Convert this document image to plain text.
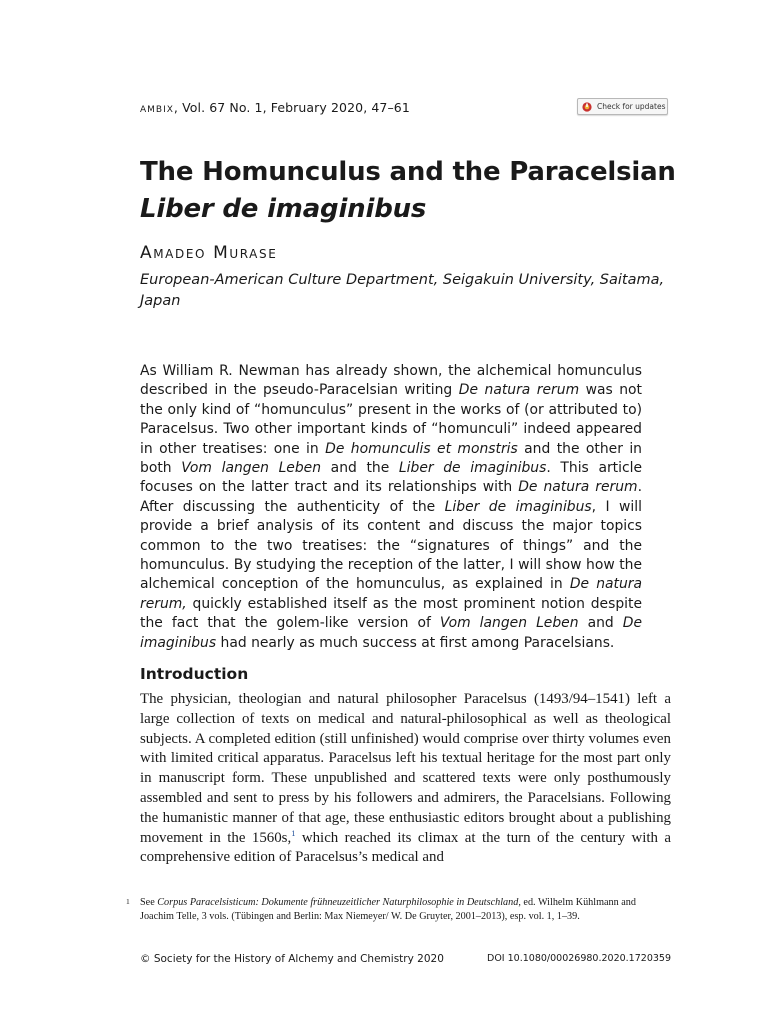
ambix, Vol. 67 No. 1, February 2020, 47–61	Check for updates
The Homunculus and the Paracelsian
Liber de imaginibus
Amadeo Murase
European-American Culture Department, Seigakuin University, Saitama, Japan

As William R. Newman has already shown, the alchemical homunculus described in the pseudo-Paracelsian writing De natura rerum was not the only kind of “homunculus” present in the works of (or attributed to) Paracelsus. Two other important kinds of “homunculi” indeed appeared in other treatises: one in De homunculis et monstris and the other in both Vom langen Leben and the Liber de imaginibus. This article focuses on the latter tract and its relationships with De natura rerum. After discussing the authenticity of the Liber de imaginibus, I will provide a brief analysis of its content and discuss the major topics common to the two treatises: the “signatures of things” and the homunculus. By studying the reception of the latter, I will show how the alchemical conception of the homunculus, as explained in De natura rerum, quickly established itself as the most prominent notion despite the fact that the golem-like version of Vom langen Leben and De imaginibus had nearly as much success at first among Paracelsians.

Introduction

The physician, theologian and natural philosopher Paracelsus (1493/94–1541) left a large collection of texts on medical and natural-philosophical as well as theological subjects. A completed edition (still unfinished) would comprise over thirty volumes even with limited critical apparatus. Paracelsus left his textual heritage for the most part only in manuscript form. These unpublished and scattered texts were only posthumously assembled and sent to press by his followers and admirers, the Paracelsians. Following the humanistic manner of that age, these enthusiastic editors brought about a publishing movement in the 1560s,$^1$ which reached its climax at the turn of the century with a comprehensive edition of Paracelsus’s medical and

1 See Corpus Paracelsisticum: Dokumente frühneuzeitlicher Naturphilosophie in Deutschland, ed. Wilhelm Kühlmann and Joachim Telle, 3 vols. (Tübingen and Berlin: Max Niemeyer/ W. De Gruyter, 2001–2013), esp. vol. 1, 1–39.

© Society for the History of Alchemy and Chemistry 2020	DOI 10.1080/00026980.2020.1720359
